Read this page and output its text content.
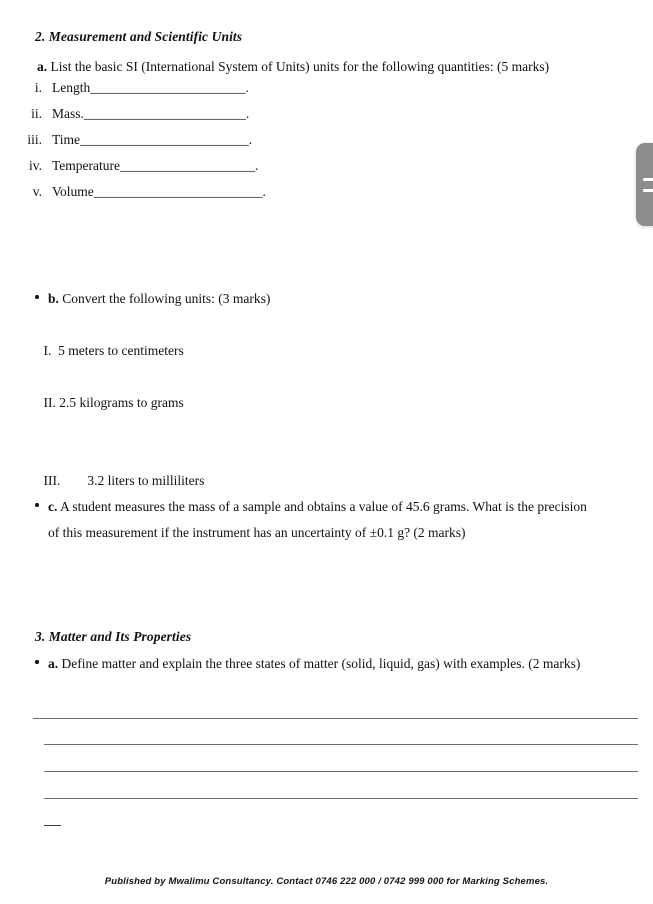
2. Measurement and Scientific Units
a. List the basic SI (International System of Units) units for the following quantities: (5 marks)
i. Length_______________________.
ii. Mass.________________________.
iii. Time_________________________.
iv. Temperature____________________.
v. Volume_________________________.
b. Convert the following units: (3 marks)

I.  5 meters to centimeters

II. 2.5 kilograms to grams

III.        3.2 liters to milliliters

c. A student measures the mass of a sample and obtains a value of 45.6 grams. What is the precision of this measurement if the instrument has an uncertainty of ±0.1 g? (2 marks)
3. Matter and Its Properties
a. Define matter and explain the three states of matter (solid, liquid, gas) with examples. (2 marks)
Published by Mwalimu Consultancy. Contact 0746 222 000 / 0742 999 000 for Marking Schemes.
